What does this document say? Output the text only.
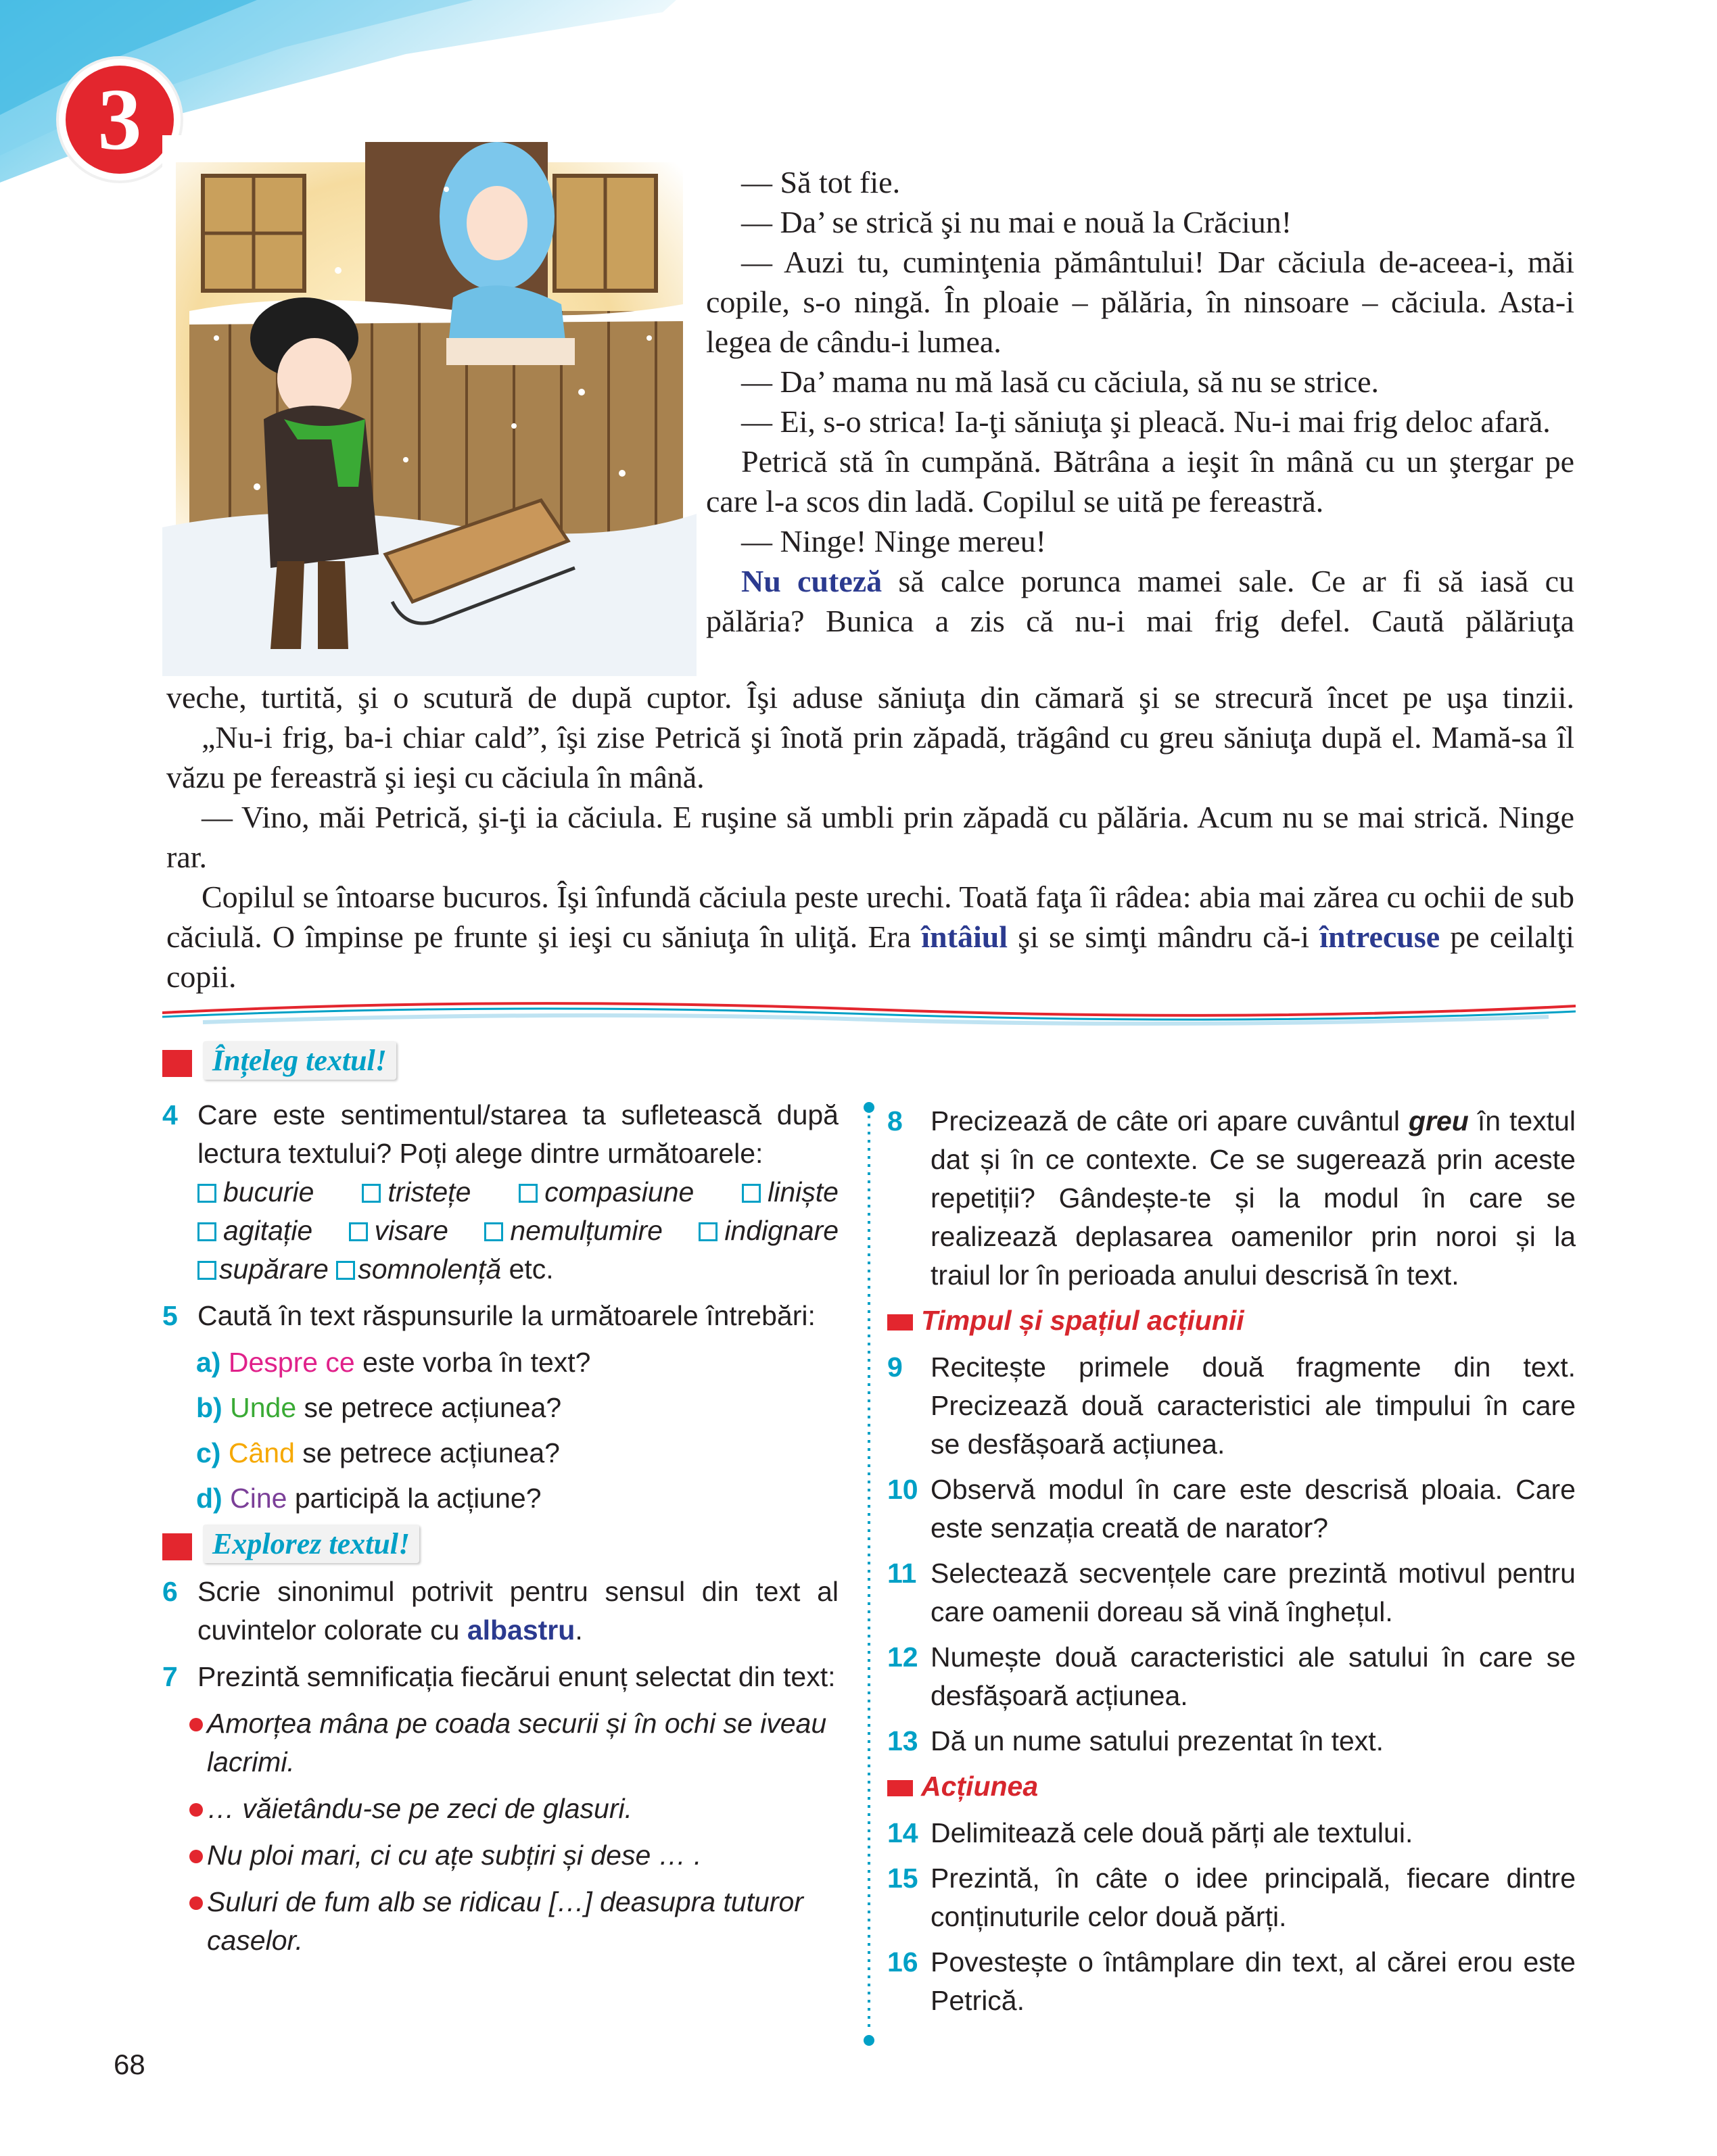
3

— Să tot fie.

— Da’ se strică şi nu mai e nouă la Crăciun!

— Auzi tu, cuminţenia pământului! Dar căciula de-aceea-i, măi copile, s-o ningă. În ploaie – pălăria, în ninsoare – căciula. Asta-i legea de cându-i lumea.

— Da’ mama nu mă lasă cu căciula, să nu se strice.

— Ei, s-o strica! Ia-ţi săniuţa şi pleacă. Nu-i mai frig deloc afară.

Petrică stă în cumpănă. Bătrâna a ieşit în mână cu un ştergar pe care l-a scos din ladă. Copilul se uită pe fereastră.

— Ninge! Ninge mereu!

Nu cuteză să calce porunca mamei sale. Ce ar fi să iasă cu pălăria? Bunica a zis că nu-i mai frig defel. Caută pălăriuţa

veche, turtită, şi o scutură de după cuptor. Îşi aduse săniuţa din cămară şi se strecură încet pe uşa tinzii.

„Nu-i frig, ba-i chiar cald”, îşi zise Petrică şi înotă prin zăpadă, trăgând cu greu săniuţa după el. Mamă-sa îl văzu pe fereastră şi ieşi cu căciula în mână.

— Vino, măi Petrică, şi-ţi ia căciula. E ruşine să umbli prin zăpadă cu pălăria. Acum nu se mai strică. Ninge rar.

Copilul se întoarse bucuros. Îşi înfundă căciula peste urechi. Toată faţa îi râdea: abia mai zărea cu ochii de sub căciulă. O împinse pe frunte şi ieşi cu săniuţa în uliţă. Era întâiul şi se simţi mândru că-i întrecuse pe ceilalţi copii.

Înțeleg textul!
4 Care este sentimentul/starea ta sufletească după lectura textului? Poți alege dintre următoarele:
bucurie	tristețe	compasiune	liniște
agitație	visare	nemulțumire	indignare
supărare somnolență etc.
5 Caută în text răspunsurile la următoarele întrebări:
a) Despre ce este vorba în text?
b) Unde se petrece acțiunea?
c) Când se petrece acțiunea?
d) Cine participă la acțiune?
Explorez textul!
6 Scrie sinonimul potrivit pentru sensul din text al cuvintelor colorate cu albastru.
7 Prezintă semnificația fiecărui enunț selectat din text:
Amorțea mâna pe coada securii și în ochi se iveau lacrimi.
… văietându-se pe zeci de glasuri.
Nu ploi mari, ci cu ațe subțiri și dese … .
Suluri de fum alb se ridicau […] deasupra tuturor caselor.
8 Precizează de câte ori apare cuvântul greu în textul dat și în ce contexte. Ce se sugerează prin aceste repetiții? Gândește-te și la modul în care se realizează deplasarea oamenilor prin noroi și la traiul lor în perioada anului descrisă în text.
Timpul și spațiul acțiunii
9 Recitește primele două fragmente din text. Precizează două caracteristici ale timpului în care se desfășoară acțiunea.
10 Observă modul în care este descrisă ploaia. Care este senzația creată de narator?
11 Selectează secvențele care prezintă motivul pentru care oamenii doreau să vină înghețul.
12 Numește două caracteristici ale satului în care se desfășoară acțiunea.
13 Dă un nume satului prezentat în text.
Acțiunea
14 Delimitează cele două părți ale textului.
15 Prezintă, în câte o idee principală, fiecare dintre conținuturile celor două părți.
16 Povestește o întâmplare din text, al cărei erou este Petrică.
68
